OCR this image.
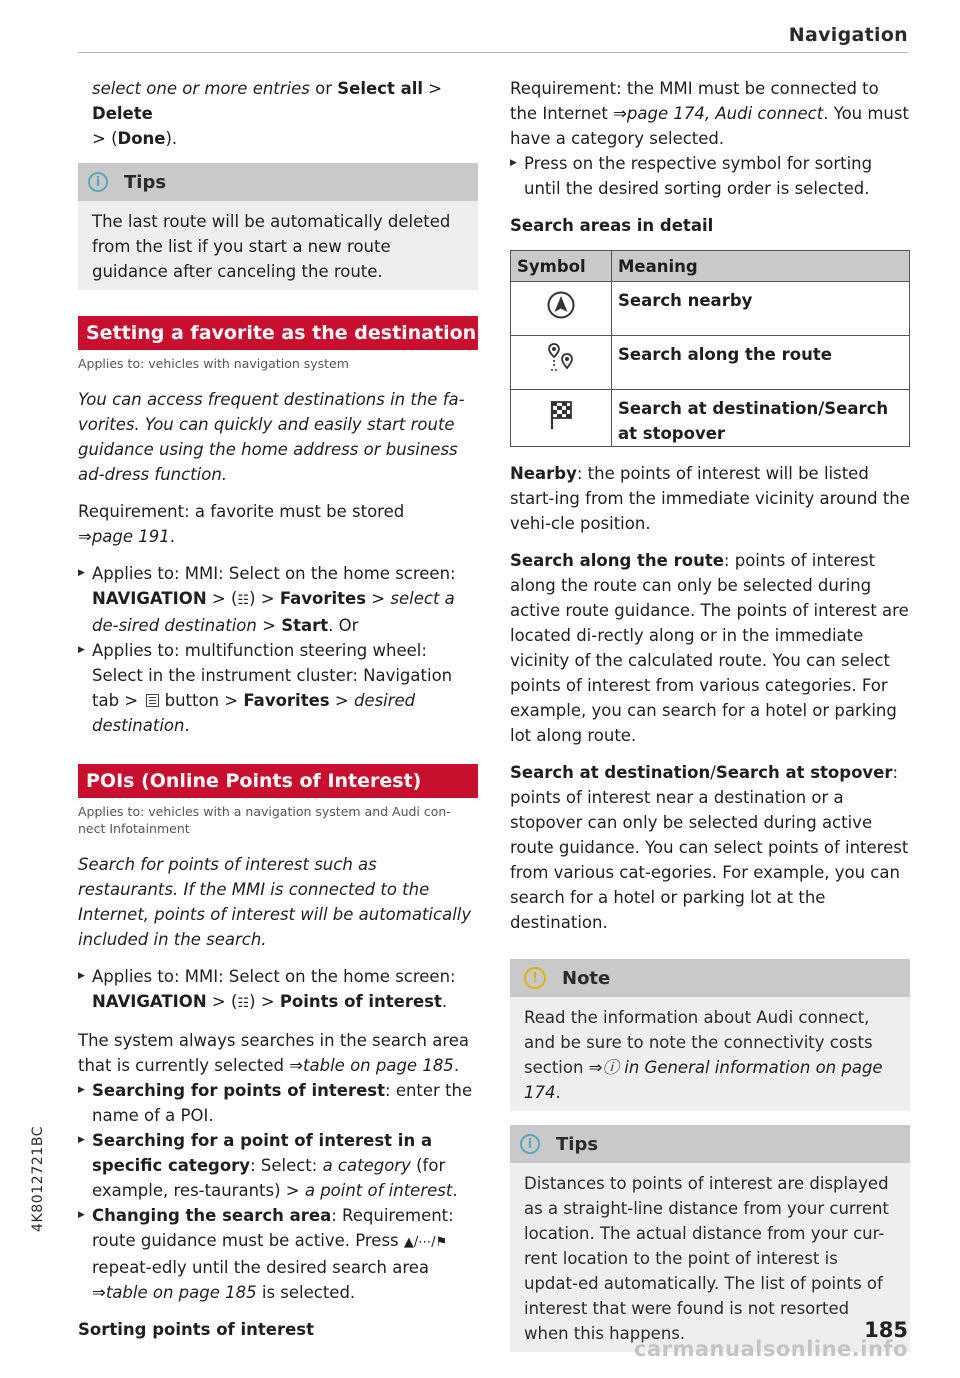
Navigation

select one or more entries or Select all > Delete
> (Done).

i	Tips
The last route will be automatically deleted from the list if you start a new route guidance after canceling the route.
Setting a favorite as the destination
Applies to: vehicles with navigation system

You can access frequent destinations in the fa-vorites. You can quickly and easily start route guidance using the home address or business ad-dress function.

Requirement: a favorite must be stored
⇒page 191.

▶ Applies to: MMI: Select on the home screen: NAVIGATION > (☷) > Favorites > select a de-sired destination > Start. Or

▶ Applies to: multifunction steering wheel: Select in the instrument cluster: Navigation tab >  button > Favorites > desired destination.

POIs (Online Points of Interest)
Applies to: vehicles with a navigation system and Audi con-nect Infotainment

Search for points of interest such as restaurants. If the MMI is connected to the Internet, points of interest will be automatically included in the search.

▶ Applies to: MMI: Select on the home screen: NAVIGATION > (☷) > Points of interest.

The system always searches in the search area that is currently selected ⇒table on page 185.

▶ Searching for points of interest: enter the name of a POI.

▶ Searching for a point of interest in a specific category: Select: a category (for example, res-taurants) > a point of interest.

▶ Changing the search area: Requirement: route guidance must be active. Press ▲/⋯/⚑ repeat-edly until the desired search area ⇒table on page 185 is selected.

Sorting points of interest

Requirement: the MMI must be connected to the Internet ⇒page 174, Audi connect. You must have a category selected.

▶ Press on the respective symbol for sorting until the desired sorting order is selected.

Search areas in detail

Symbol	Meaning
	Search nearby
	Search along the route
	Search at destination/Search at stopover

Nearby: the points of interest will be listed start-ing from the immediate vicinity around the vehi-cle position.

Search along the route: points of interest along the route can only be selected during active route guidance. The points of interest are located di-rectly along or in the immediate vicinity of the calculated route. You can select points of interest from various categories. For example, you can search for a hotel or parking lot along route.

Search at destination/Search at stopover: points of interest near a destination or a stopover can only be selected during active route guidance. You can select points of interest from various cat-egories. For example, you can search for a hotel or parking lot at the destination.

!	Note
Read the information about Audi connect, and be sure to note the connectivity costs section ⇒ⓘ in General information on page 174.
i	Tips
Distances to points of interest are displayed as a straight-line distance from your current location. The actual distance from your cur-rent location to the point of interest is updat-ed automatically. The list of points of interest that were found is not resorted when this happens.
4K8012721BC
185
carmanualsonline.info
